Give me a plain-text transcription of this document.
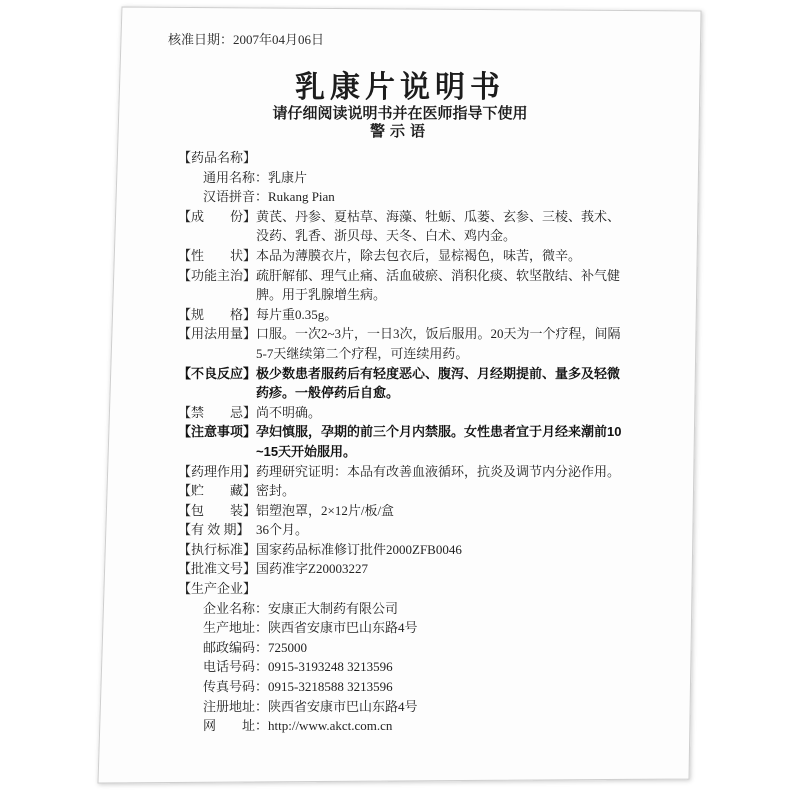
核准日期：2007年04月06日
乳康片说明书
请仔细阅读说明书并在医师指导下使用
警示语
【药品名称】
通用名称：乳康片
汉语拼音：Rukang Pian
【成　　份】黄芪、丹参、夏枯草、海藻、牡蛎、瓜蒌、玄参、三棱、莪术、
没药、乳香、浙贝母、天冬、白术、鸡内金。
【性　　状】本品为薄膜衣片，除去包衣后，显棕褐色，味苦，微辛。
【功能主治】疏肝解郁、理气止痛、活血破瘀、消积化痰、软坚散结、补气健
脾。用于乳腺增生病。
【规　　格】每片重0.35g。
【用法用量】口服。一次2~3片，一日3次，饭后服用。20天为一个疗程，间隔
5-7天继续第二个疗程，可连续用药。
【不良反应】极少数患者服药后有轻度恶心、腹泻、月经期提前、量多及轻微
药疹。一般停药后自愈。
【禁　　忌】尚不明确。
【注意事项】孕妇慎服，孕期的前三个月内禁服。女性患者宜于月经来潮前10
~15天开始服用。
【药理作用】药理研究证明：本品有改善血液循环，抗炎及调节内分泌作用。
【贮　　藏】密封。
【包　　装】铝塑泡罩，2×12片/板/盒
【有 效 期】 36个月。
【执行标准】国家药品标准修订批件2000ZFB0046
【批准文号】国药准字Z20003227
【生产企业】
企业名称：安康正大制药有限公司
生产地址：陕西省安康市巴山东路4号
邮政编码：725000
电话号码：0915-3193248 3213596
传真号码：0915-3218588 3213596
注册地址：陕西省安康市巴山东路4号
网　　址：http://www.akct.com.cn
